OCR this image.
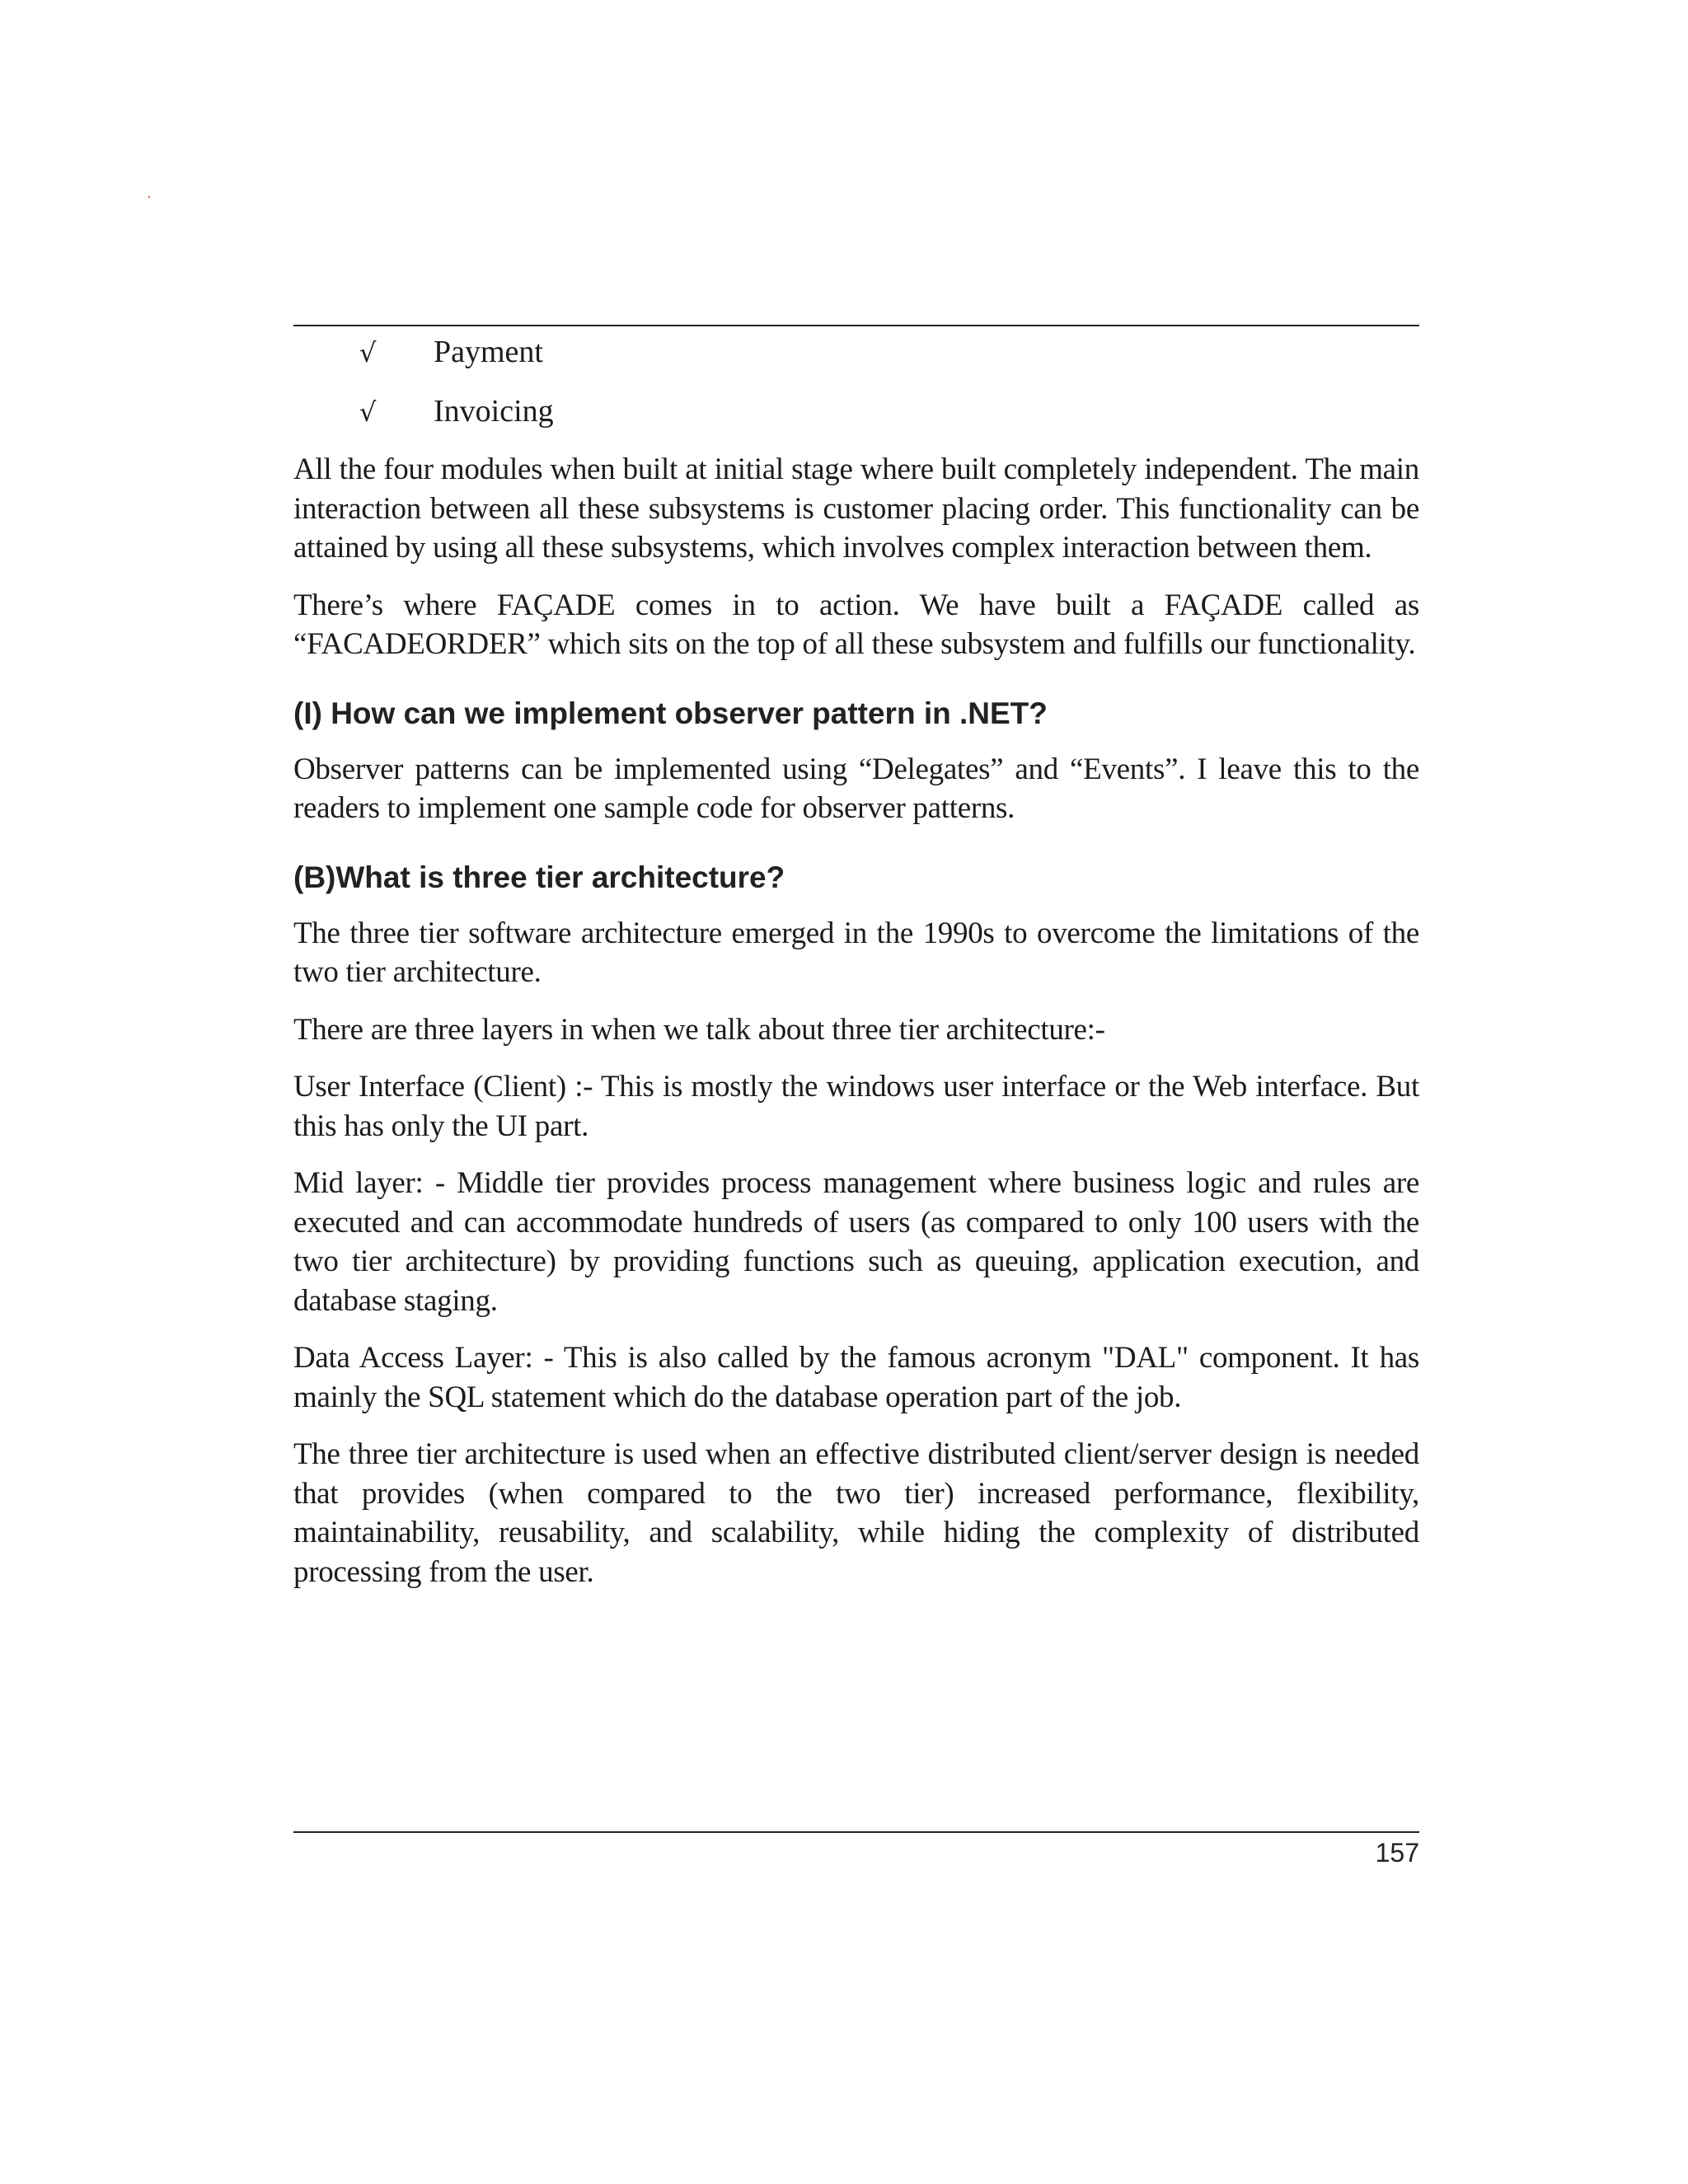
√	Payment
√	Invoicing

All the four modules when built at initial stage where built completely independent. The main interaction between all these subsystems is customer placing order. This functionality can be attained by using all these subsystems, which involves complex interaction between them.

There’s where FAÇADE comes in to action. We have built a FAÇADE called as “FACADEORDER” which sits on the top of all these subsystem and fulfills our functionality.

(I) How can we implement observer pattern in .NET?

Observer patterns can be implemented using “Delegates” and “Events”. I leave this to the readers to implement one sample code for observer patterns.

(B)What is three tier architecture?

The three tier software architecture emerged in the 1990s to overcome the limitations of the two tier architecture.

There are three layers in when we talk about three tier architecture:-

User Interface (Client) :- This is mostly the windows user interface or the Web interface. But this has only the UI part.

Mid layer: - Middle tier provides process management where business logic and rules are executed and can accommodate hundreds of users (as compared to only 100 users with the two tier architecture) by providing functions such as queuing, application execution, and database staging.

Data Access Layer: - This is also called by the famous acronym "DAL" component. It has mainly the SQL statement which do the database operation part of the job.

The three tier architecture is used when an effective distributed client/server design is needed that provides (when compared to the two tier) increased performance, flexibility, maintainability, reusability, and scalability, while hiding the complexity of distributed processing from the user.

157
